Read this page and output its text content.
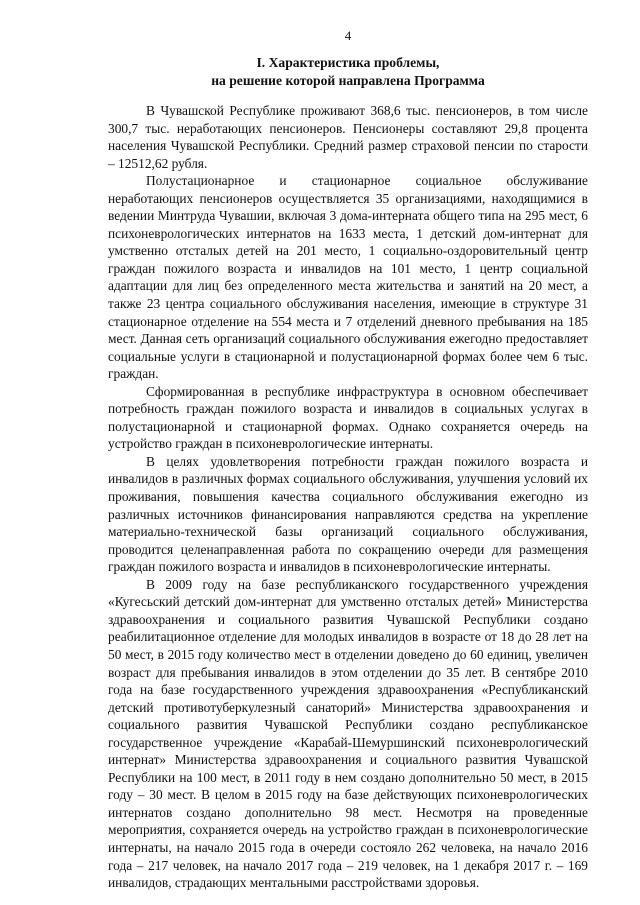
4
I. Характеристика проблемы,
на решение которой направлена Программа

В Чувашской Республике проживают 368,6 тыс. пенсионеров, в том числе 300,7 тыс. неработающих пенсионеров. Пенсионеры составляют 29,8 процента населения Чувашской Республики. Средний размер страховой пенсии по старости – 12512,62 рубля.

Полустационарное и стационарное социальное обслуживание неработающих пенсионеров осуществляется 35 организациями, находящимися в ведении Минтруда Чувашии, включая 3 дома-интерната общего типа на 295 мест, 6 психоневрологических интернатов на 1633 места, 1 детский дом-интернат для умственно отсталых детей на 201 место, 1 социально-оздоровительный центр граждан пожилого возраста и инвалидов на 101 место, 1 центр социальной адаптации для лиц без определенного места жительства и занятий на 20 мест, а также 23 центра социального обслуживания населения, имеющие в структуре 31 стационарное отделение на 554 места и 7 отделений дневного пребывания на 185 мест. Данная сеть организаций социального обслуживания ежегодно предоставляет социальные услуги в стационарной и полустационарной формах более чем 6 тыс. граждан.

Сформированная в республике инфраструктура в основном обеспечивает потребность граждан пожилого возраста и инвалидов в социальных услугах в полустационарной и стационарной формах. Однако сохраняется очередь на устройство граждан в психоневрологические интернаты.

В целях удовлетворения потребности граждан пожилого возраста и инвалидов в различных формах социального обслуживания, улучшения условий их проживания, повышения качества социального обслуживания ежегодно из различных источников финансирования направляются средства на укрепление материально-технической базы организаций социального обслуживания, проводится целенаправленная работа по сокращению очереди для размещения граждан пожилого возраста и инвалидов в психоневрологические интернаты.

В 2009 году на базе республиканского государственного учреждения «Кугесьский детский дом-интернат для умственно отсталых детей» Министерства здравоохранения и социального развития Чувашской Республики создано реабилитационное отделение для молодых инвалидов в возрасте от 18 до 28 лет на 50 мест, в 2015 году количество мест в отделении доведено до 60 единиц, увеличен возраст для пребывания инвалидов в этом отделении до 35 лет. В сентябре 2010 года на базе государственного учреждения здравоохранения «Республиканский детский противотуберкулезный санаторий» Министерства здравоохранения и социального развития Чувашской Республики создано республиканское государственное учреждение «Карабай-Шемуршинский психоневрологический интернат» Министерства здравоохранения и социального развития Чувашской Республики на 100 мест, в 2011 году в нем создано дополнительно 50 мест, в 2015 году – 30 мест. В целом в 2015 году на базе действующих психоневрологических интернатов создано дополнительно 98 мест. Несмотря на проведенные мероприятия, сохраняется очередь на устройство граждан в психоневрологические интернаты, на начало 2015 года в очереди состояло 262 человека, на начало 2016 года – 217 человек, на начало 2017 года – 219 человек, на 1 декабря 2017 г. – 169 инвалидов, страдающих ментальными расстройствами здоровья.
